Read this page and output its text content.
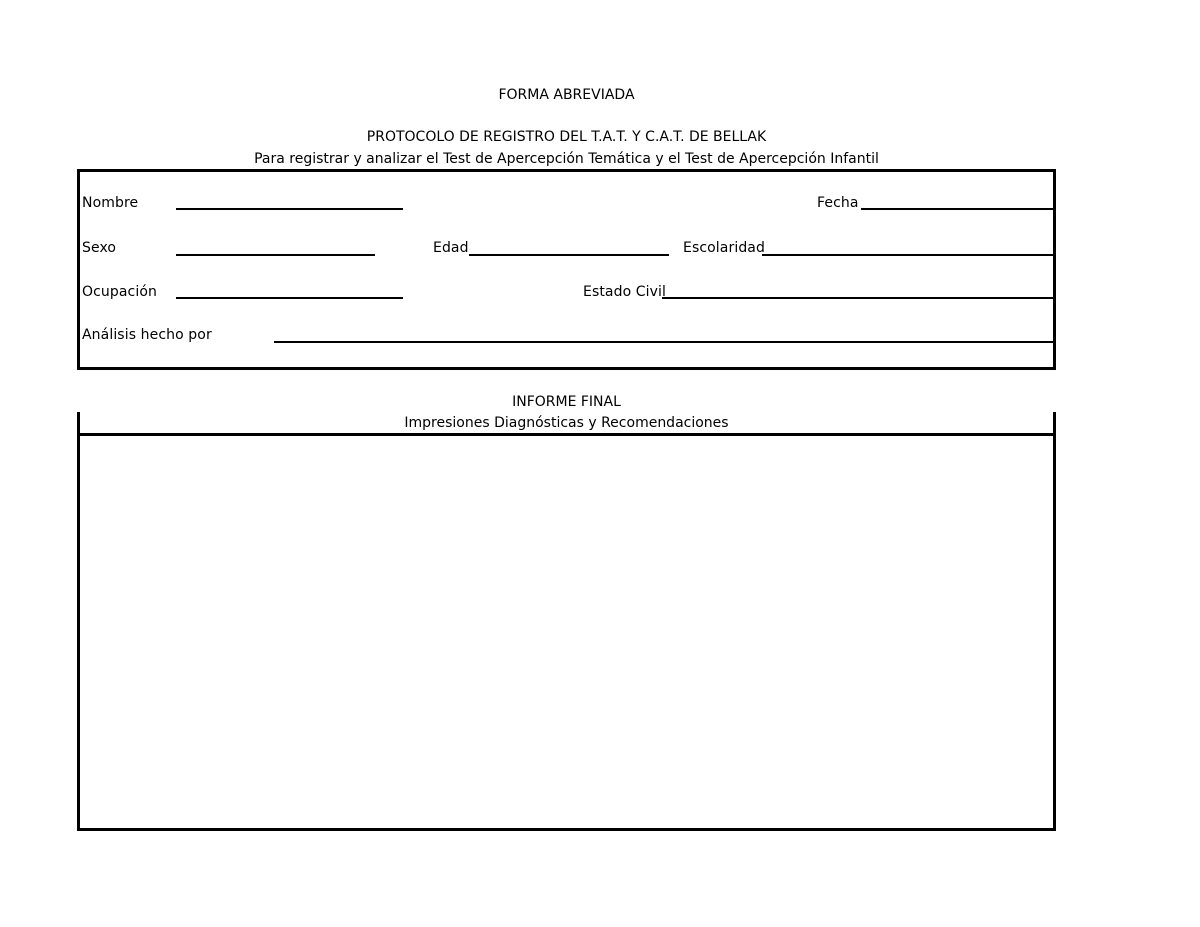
FORMA ABREVIADA
PROTOCOLO DE REGISTRO DEL T.A.T. Y C.A.T. DE BELLAK
Para registrar y analizar el Test de Apercepción Temática y el Test de Apercepción Infantil
Nombre	Fecha
Sexo	Edad	Escolaridad
Ocupación	Estado Civil
Análisis hecho por
INFORME FINAL
Impresiones Diagnósticas y Recomendaciones
